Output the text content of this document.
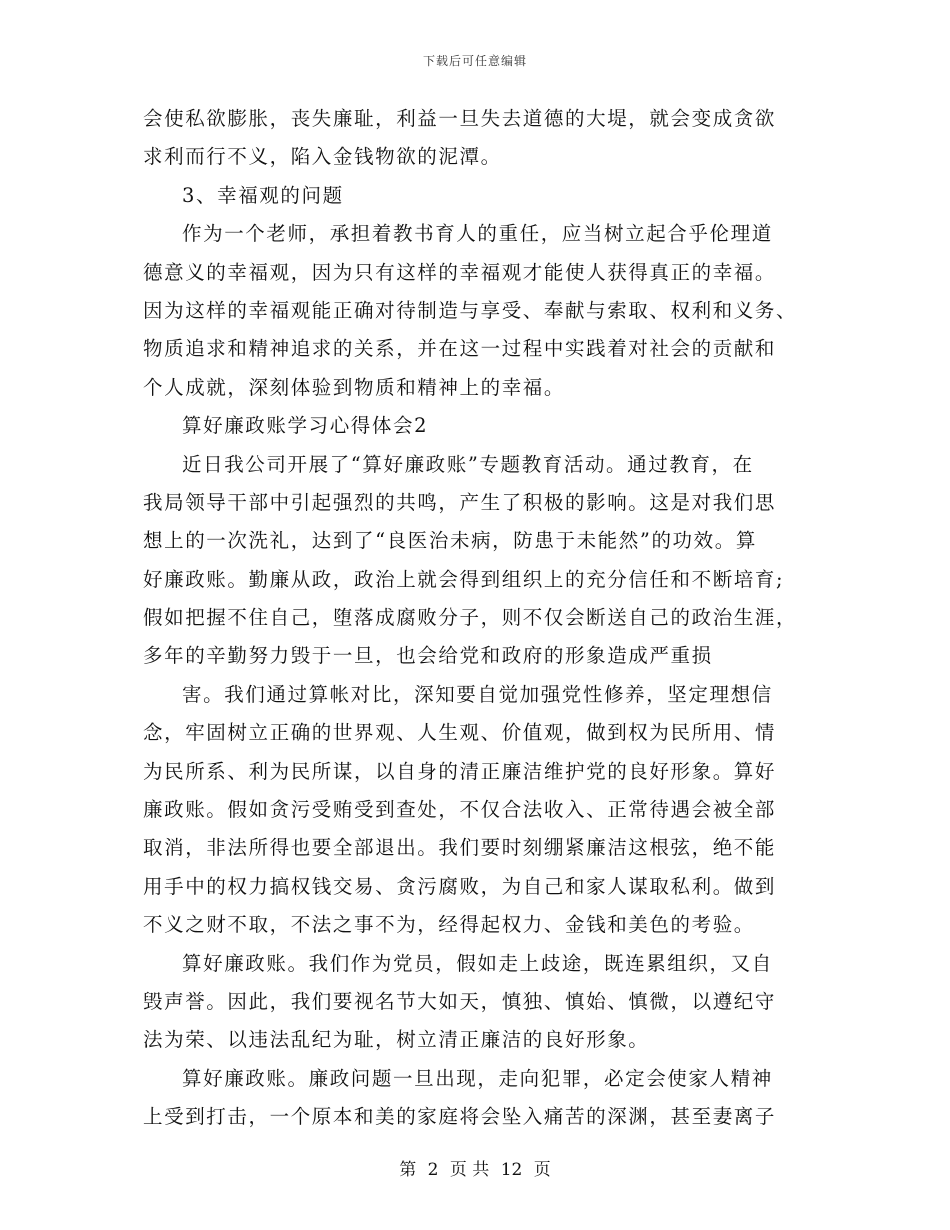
下载后可任意编辑
会使私欲膨胀，丧失廉耻，利益一旦失去道德的大堤，就会变成贪欲
求利而行不义，陷入金钱物欲的泥潭。
3、幸福观的问题
作为一个老师，承担着教书育人的重任，应当树立起合乎伦理道
德意义的幸福观，因为只有这样的幸福观才能使人获得真正的幸福。
因为这样的幸福观能正确对待制造与享受、奉献与索取、权利和义务、
物质追求和精神追求的关系，并在这一过程中实践着对社会的贡献和
个人成就，深刻体验到物质和精神上的幸福。
算好廉政账学习心得体会2
近日我公司开展了“算好廉政账”专题教育活动。通过教育，在
我局领导干部中引起强烈的共鸣，产生了积极的影响。这是对我们思
想上的一次洗礼，达到了“良医治未病，防患于未能然”的功效。算
好廉政账。勤廉从政，政治上就会得到组织上的充分信任和不断培育;
假如把握不住自己，堕落成腐败分子，则不仅会断送自己的政治生涯，
多年的辛勤努力毁于一旦，也会给党和政府的形象造成严重损
害。我们通过算帐对比，深知要自觉加强党性修养，坚定理想信
念，牢固树立正确的世界观、人生观、价值观，做到权为民所用、情
为民所系、利为民所谋，以自身的清正廉洁维护党的良好形象。算好
廉政账。假如贪污受贿受到查处，不仅合法收入、正常待遇会被全部
取消，非法所得也要全部退出。我们要时刻绷紧廉洁这根弦，绝不能
用手中的权力搞权钱交易、贪污腐败，为自己和家人谋取私利。做到
不义之财不取，不法之事不为，经得起权力、金钱和美色的考验。
算好廉政账。我们作为党员，假如走上歧途，既连累组织，又自
毁声誉。因此，我们要视名节大如天，慎独、慎始、慎微，以遵纪守
法为荣、以违法乱纪为耻，树立清正廉洁的良好形象。
算好廉政账。廉政问题一旦出现，走向犯罪，必定会使家人精神
上受到打击，一个原本和美的家庭将会坠入痛苦的深渊，甚至妻离子
第 2 页 共 12 页
